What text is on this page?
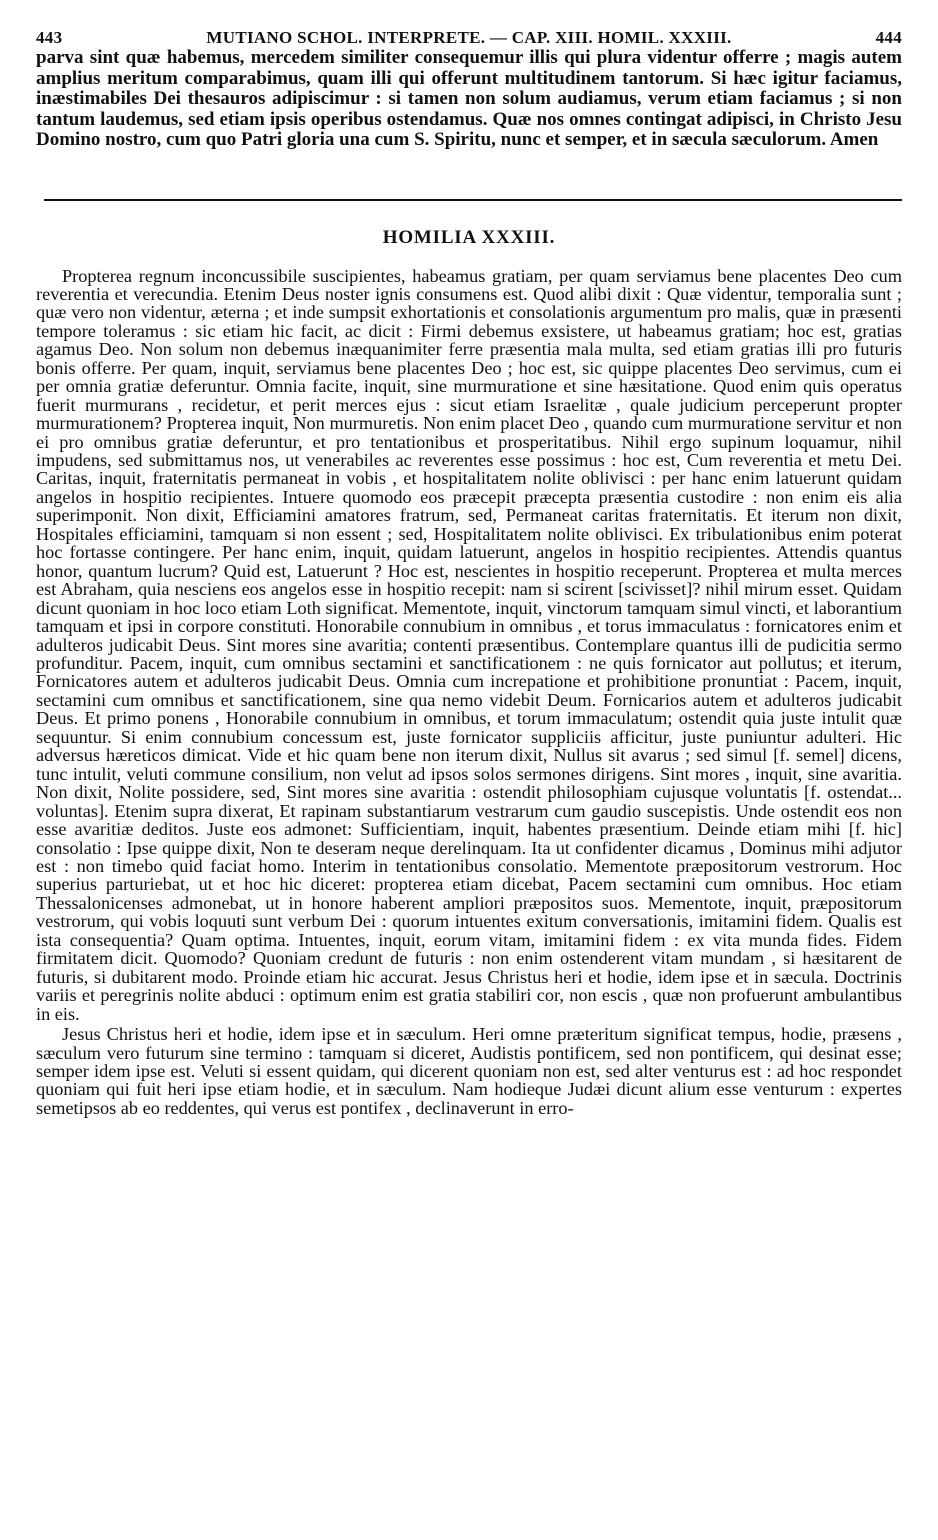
443	MUTIANO SCHOL. INTERPRETE. — CAP. XIII. HOMIL. XXXIII.	444

parva sint quæ habemus, mercedem similiter consequemur illis qui plura videntur offerre ; magis autem amplius meritum comparabimus, quam illi qui offerunt multitudinem tantorum. Si hæc igitur faciamus, inæstimabiles Dei thesauros adipiscimur : si tamen non solum audiamus, verum etiam faciamus ; si non tantum laudemus, sed etiam ipsis operibus ostendamus. Quæ nos omnes contingat adipisci, in Christo Jesu Domino nostro, cum quo Patri gloria una cum S. Spiritu, nunc et semper, et in sæcula sæculorum. Amen

HOMILIA XXXIII.

Propterea regnum inconcussibile suscipientes, habeamus gratiam, per quam serviamus bene placentes Deo cum reverentia et verecundia. Etenim Deus noster ignis consumens est. Quod alibi dixit : Quæ videntur, temporalia sunt ; quæ vero non videntur, æterna ; et inde sumpsit exhortationis et consolationis argumentum pro malis, quæ in præsenti tempore toleramus : sic etiam hic facit, ac dicit : Firmi debemus exsistere, ut habeamus gratiam; hoc est, gratias agamus Deo. Non solum non debemus inæquanimiter ferre præsentia mala multa, sed etiam gratias illi pro futuris bonis offerre. Per quam, inquit, serviamus bene placentes Deo ; hoc est, sic quippe placentes Deo servimus, cum ei per omnia gratiæ deferuntur. Omnia facite, inquit, sine murmuratione et sine hæsitatione. Quod enim quis operatus fuerit murmurans , recidetur, et perit merces ejus : sicut etiam Israelitæ , quale judicium perceperunt propter murmurationem? Propterea inquit, Non murmuretis. Non enim placet Deo , quando cum murmuratione servitur et non ei pro omnibus gratiæ deferuntur, et pro tentationibus et prosperitatibus. Nihil ergo supinum loquamur, nihil impudens, sed submittamus nos, ut venerabiles ac reverentes esse possimus : hoc est, Cum reverentia et metu Dei. Caritas, inquit, fraternitatis permaneat in vobis , et hospitalitatem nolite oblivisci : per hanc enim latuerunt quidam angelos in hospitio recipientes. Intuere quomodo eos præcepit præcepta præsentia custodire : non enim eis alia superimponit. Non dixit, Efficiamini amatores fratrum, sed, Permaneat caritas fraternitatis. Et iterum non dixit, Hospitales efficiamini, tamquam si non essent ; sed, Hospitalitatem nolite oblivisci. Ex tribulationibus enim poterat hoc fortasse contingere. Per hanc enim, inquit, quidam latuerunt, angelos in hospitio recipientes. Attendis quantus honor, quantum lucrum? Quid est, Latuerunt ? Hoc est, nescientes in hospitio receperunt. Propterea et multa merces est Abraham, quia nesciens eos angelos esse in hospitio recepit: nam si scirent [scivisset]? nihil mirum esset. Quidam dicunt quoniam in hoc loco etiam Loth significat. Mementote, inquit, vinctorum tamquam simul vincti, et laborantium tamquam et ipsi in corpore constituti. Honorabile connubium in omnibus , et torus immaculatus : fornicatores enim et adulteros judicabit Deus. Sint mores sine avaritia; contenti præsentibus. Contemplare quantus illi de pudicitia sermo profunditur. Pacem, inquit, cum omnibus sectamini et sanctificationem : ne quis fornicator aut pollutus; et iterum, Fornicatores autem et adulteros judicabit Deus. Omnia cum increpatione et prohibitione pronuntiat : Pacem, inquit, sectamini cum omnibus et sanctificationem, sine qua nemo videbit Deum. Fornicarios autem et adulteros judicabit Deus. Et primo ponens , Honorabile connubium in omnibus, et torum immaculatum; ostendit quia juste intulit quæ sequuntur. Si enim connubium concessum est, juste fornicator suppliciis afficitur, juste puniuntur adulteri. Hic adversus hæreticos dimicat. Vide et hic quam bene non iterum dixit, Nullus sit avarus ; sed simul [f. semel] dicens, tunc intulit, veluti commune consilium, non velut ad ipsos solos sermones dirigens. Sint mores , inquit, sine avaritia. Non dixit, Nolite possidere, sed, Sint mores sine avaritia : ostendit philosophiam cujusque voluntatis [f. ostendat... voluntas]. Etenim supra dixerat, Et rapinam substantiarum vestrarum cum gaudio suscepistis. Unde ostendit eos non esse avaritiæ deditos. Juste eos admonet: Sufficientiam, inquit, habentes præsentium. Deinde etiam mihi [f. hic] consolatio : Ipse quippe dixit, Non te deseram neque derelinquam. Ita ut confidenter dicamus , Dominus mihi adjutor est : non timebo quid faciat homo. Interim in tentationibus consolatio. Mementote præpositorum vestrorum. Hoc superius parturiebat, ut et hoc hic diceret: propterea etiam dicebat, Pacem sectamini cum omnibus. Hoc etiam Thessalonicenses admonebat, ut in honore haberent ampliori præpositos suos. Mementote, inquit, præpositorum vestrorum, qui vobis loquuti sunt verbum Dei : quorum intuentes exitum conversationis, imitamini fidem. Qualis est ista consequentia? Quam optima. Intuentes, inquit, eorum vitam, imitamini fidem : ex vita munda fides. Fidem firmitatem dicit. Quomodo? Quoniam credunt de futuris : non enim ostenderent vitam mundam , si hæsitarent de futuris, si dubitarent modo. Proinde etiam hic accurat. Jesus Christus heri et hodie, idem ipse et in sæcula. Doctrinis variis et peregrinis nolite abduci : optimum enim est gratia stabiliri cor, non escis , quæ non profuerunt ambulantibus in eis.

Jesus Christus heri et hodie, idem ipse et in sæculum. Heri omne præteritum significat tempus, hodie, præsens , sæculum vero futurum sine termino : tamquam si diceret, Audistis pontificem, sed non pontificem, qui desinat esse; semper idem ipse est. Veluti si essent quidam, qui dicerent quoniam non est, sed alter venturus est : ad hoc respondet quoniam qui fuit heri ipse etiam hodie, et in sæculum. Nam hodieque Judæi dicunt alium esse venturum : expertes semetipsos ab eo reddentes, qui verus est pontifex , declinaverunt in erro-
